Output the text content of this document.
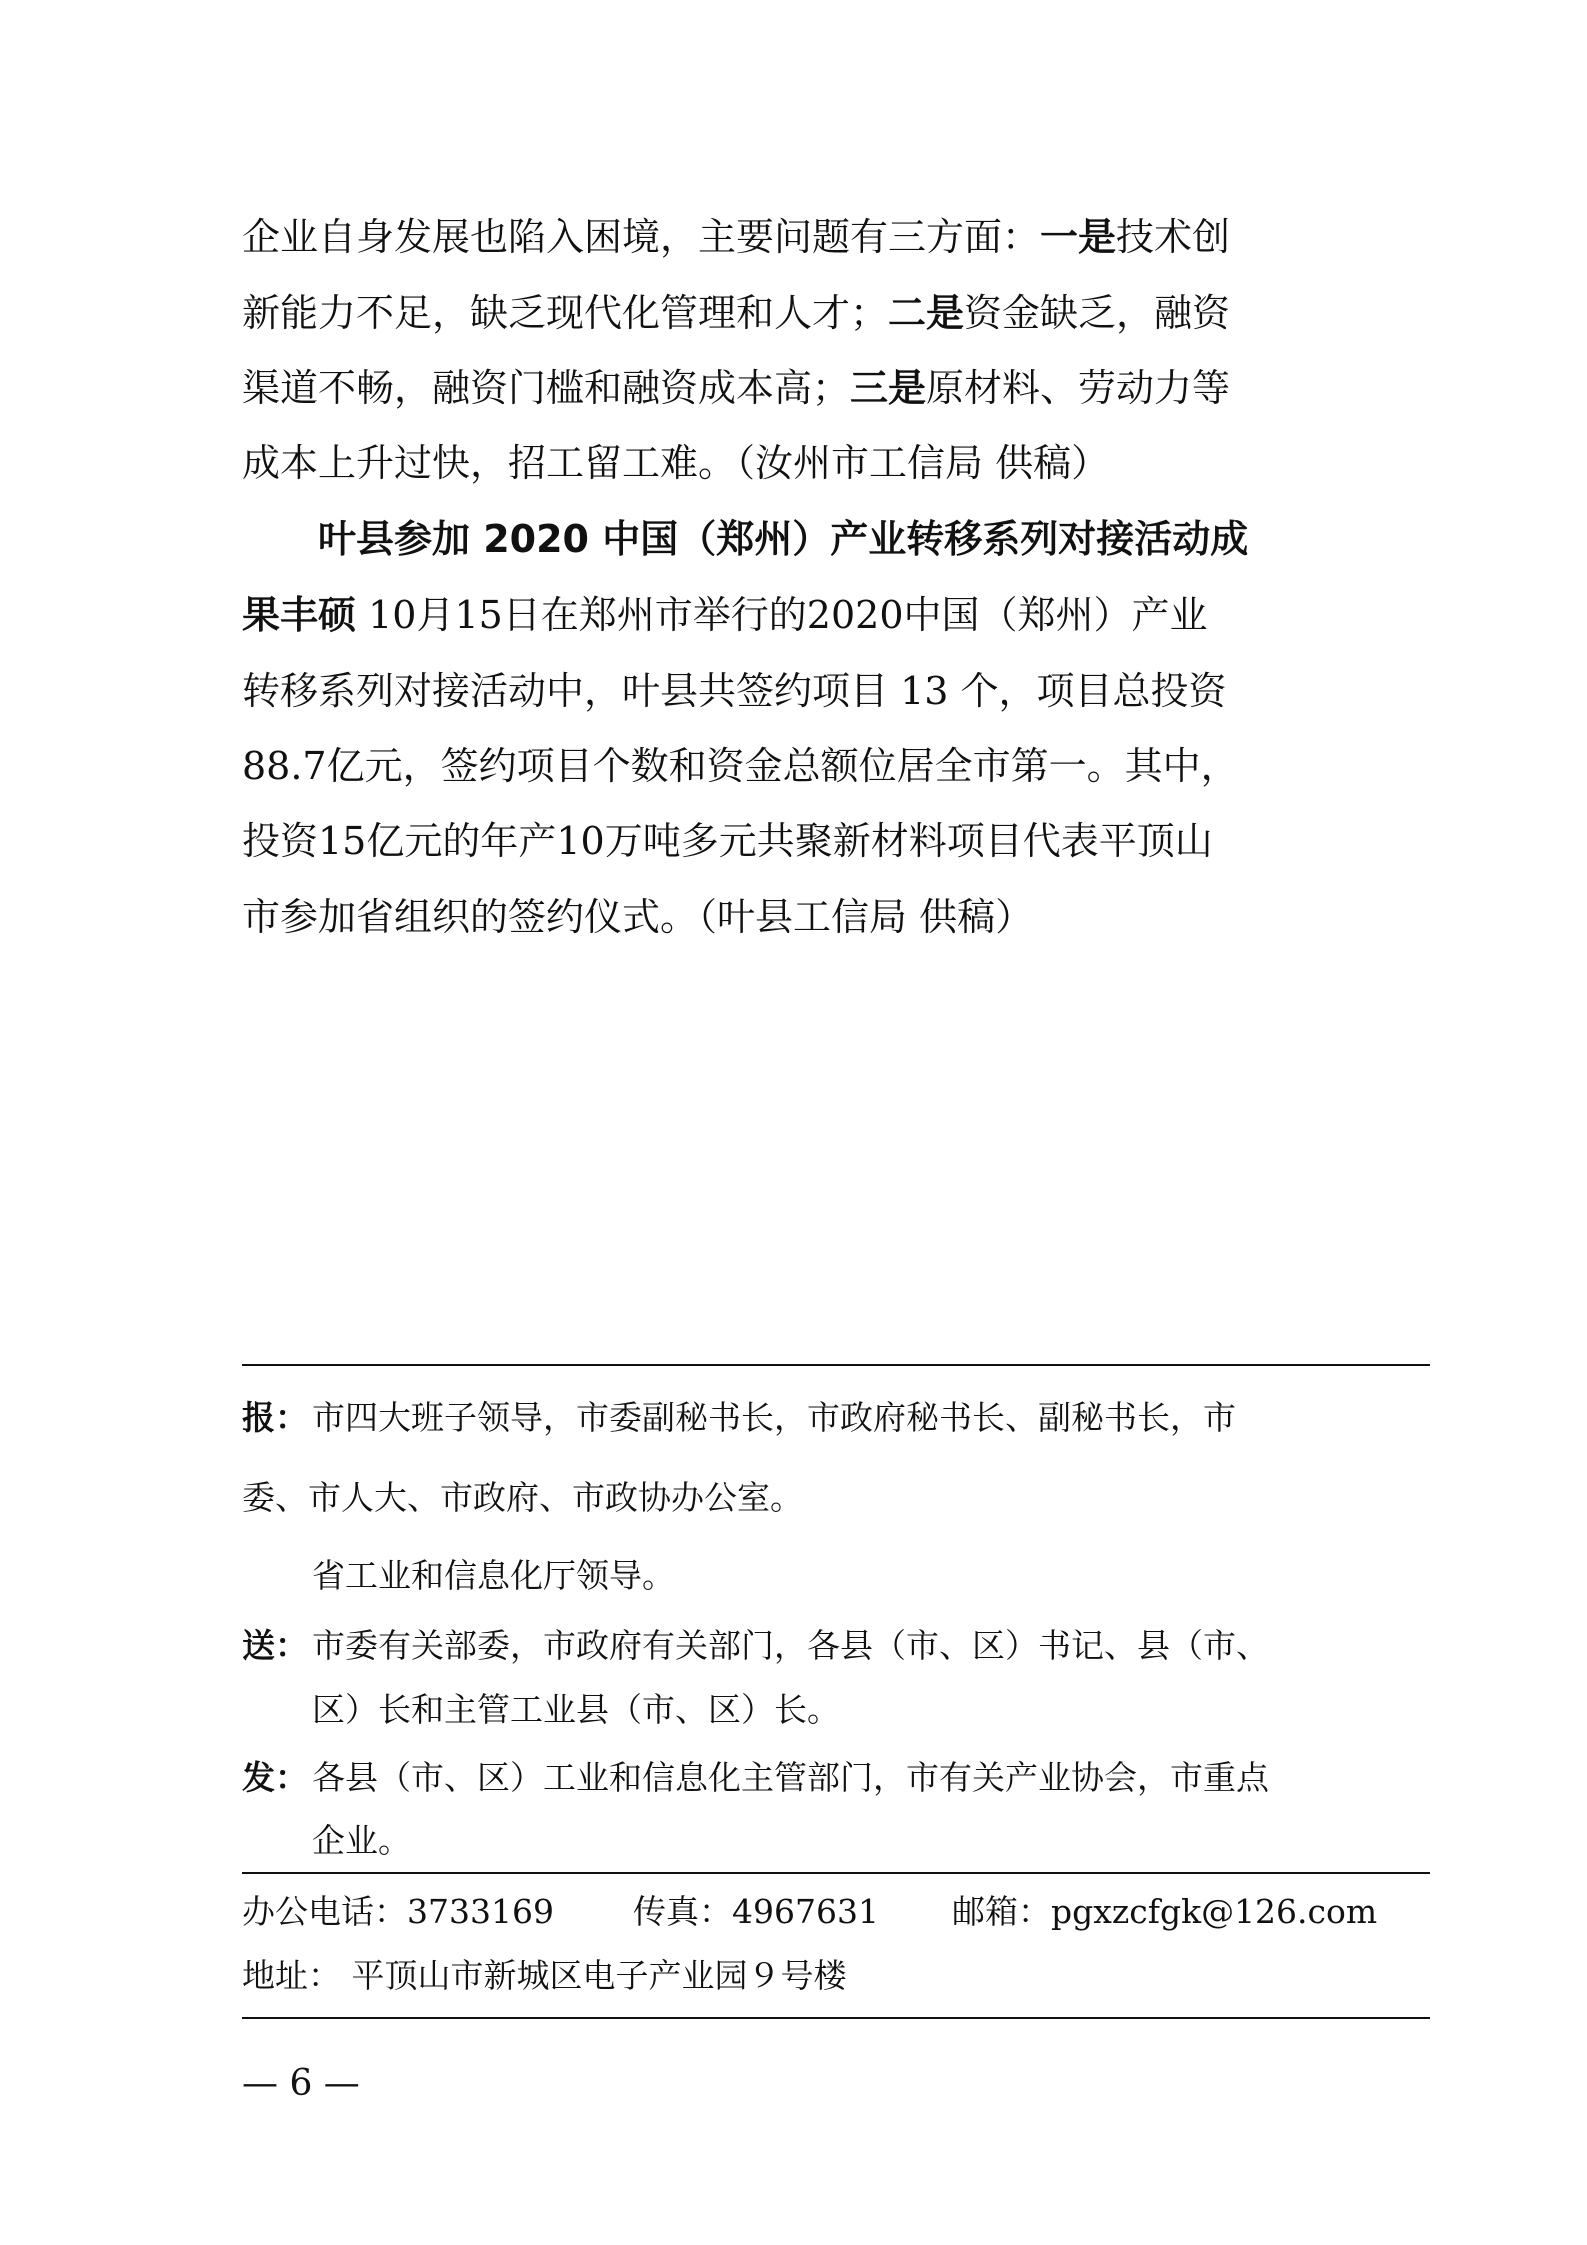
企业自身发展也陷入困境，主要问题有三方面：一是技术创
新能力不足，缺乏现代化管理和人才；二是资金缺乏，融资
渠道不畅，融资门槛和融资成本高；三是原材料、劳动力等
成本上升过快，招工留工难。（汝州市工信局 供稿）
叶县参加 2020 中国（郑州）产业转移系列对接活动成
果丰硕 10月15日在郑州市举行的2020中国（郑州）产业
转移系列对接活动中，叶县共签约项目 13 个，项目总投资
88.7亿元，签约项目个数和资金总额位居全市第一。其中，
投资15亿元的年产10万吨多元共聚新材料项目代表平顶山
市参加省组织的签约仪式。（叶县工信局 供稿）
报： 市四大班子领导，市委副秘书长，市政府秘书长、副秘书长，市
委、市人大、市政府、市政协办公室。
省工业和信息化厅领导。
送： 市委有关部委，市政府有关部门，各县（市、区）书记、县（市、
区）长和主管工业县（市、区）长。
发： 各县（市、区）工业和信息化主管部门，市有关产业协会，市重点
企业。
办公电话：3733169 传真：4967631 邮箱：pgxzcfgk@126.com
地址： 平顶山市新城区电子产业园９号楼
— 6 —
